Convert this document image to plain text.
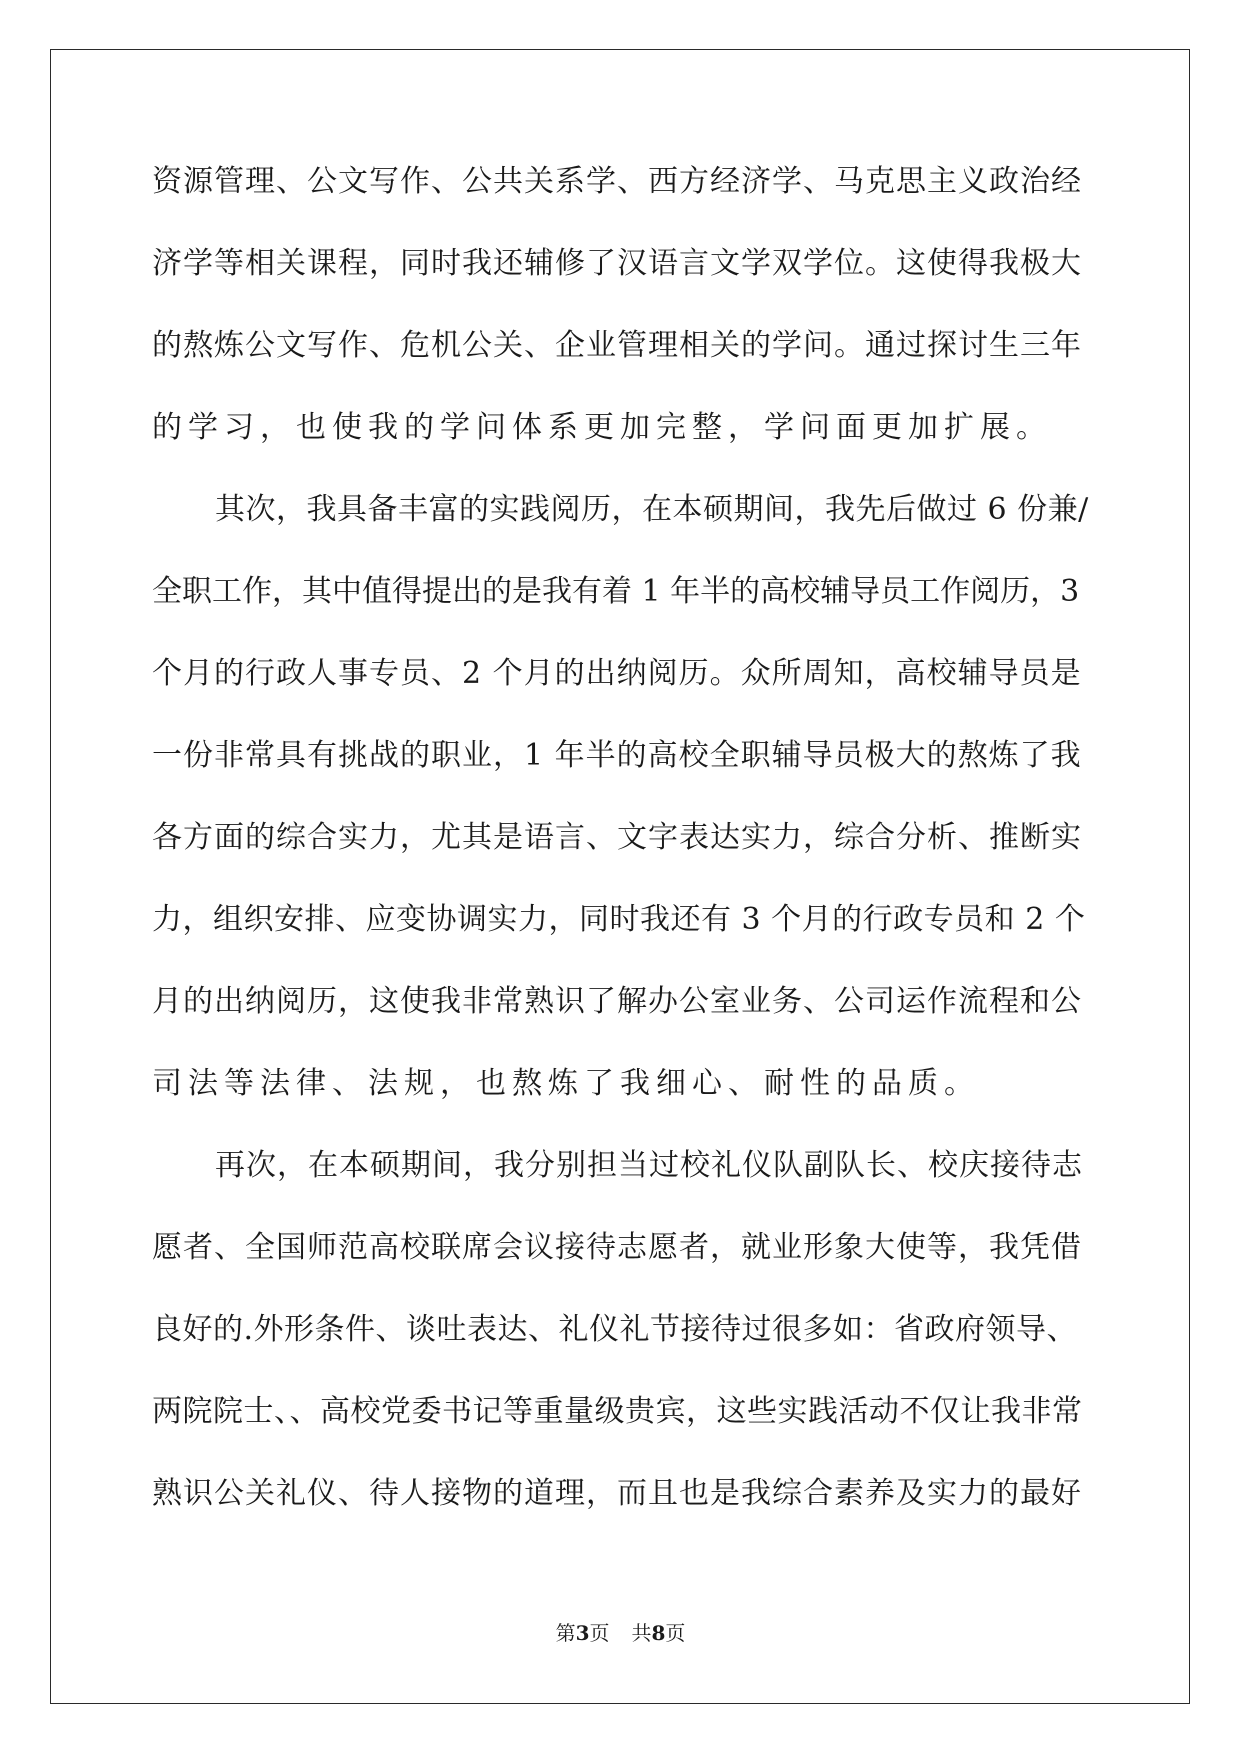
资源管理、公文写作、公共关系学、西方经济学、马克思主义政治经
济学等相关课程，同时我还辅修了汉语言文学双学位。这使得我极大
的熬炼公文写作、危机公关、企业管理相关的学问。通过探讨生三年
的学习，也使我的学问体系更加完整，学问面更加扩展。
其次，我具备丰富的实践阅历，在本硕期间，我先后做过 6 份兼/
全职工作，其中值得提出的是我有着 1 年半的高校辅导员工作阅历，3
个月的行政人事专员、2 个月的出纳阅历。众所周知，高校辅导员是
一份非常具有挑战的职业，1 年半的高校全职辅导员极大的熬炼了我
各方面的综合实力，尤其是语言、文字表达实力，综合分析、推断实
力，组织安排、应变协调实力，同时我还有 3 个月的行政专员和 2 个
月的出纳阅历，这使我非常熟识了解办公室业务、公司运作流程和公
司法等法律、法规，也熬炼了我细心、耐性的品质。
再次，在本硕期间，我分别担当过校礼仪队副队长、校庆接待志
愿者、全国师范高校联席会议接待志愿者，就业形象大使等，我凭借
良好的.外形条件、谈吐表达、礼仪礼节接待过很多如：省政府领导、
两院院士、、高校党委书记等重量级贵宾，这些实践活动不仅让我非常
熟识公关礼仪、待人接物的道理，而且也是我综合素养及实力的最好
第3页 共8页
